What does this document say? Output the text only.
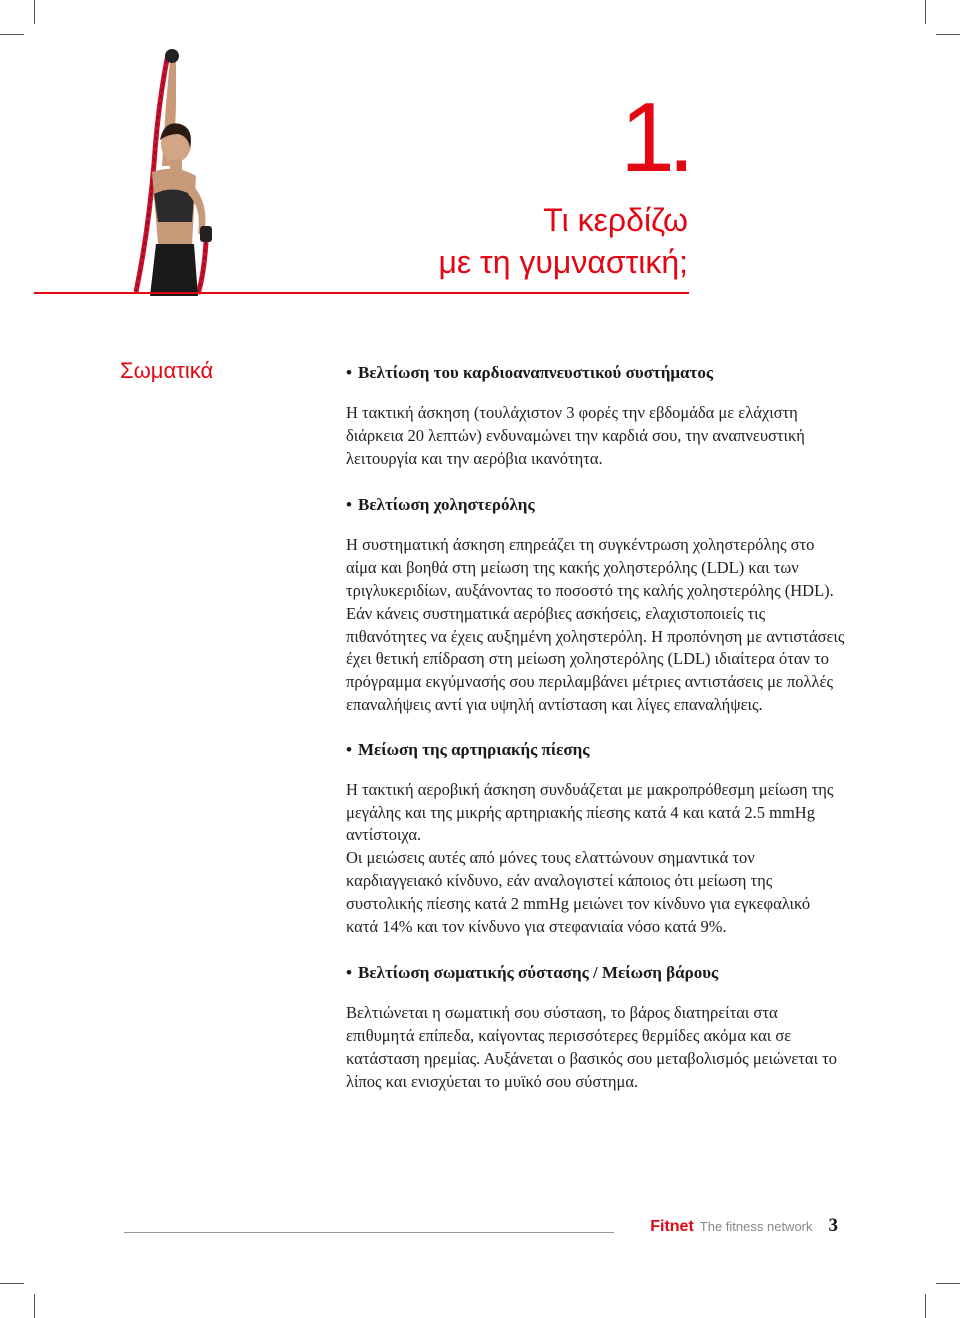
1.
Τι κερδίζω
με τη γυμναστική;
Σωματικά	• Βελτίωση του καρδιοαναπνευστικού συστήματος

Η τακτική άσκηση (τουλάχιστον 3 φορές την εβδομάδα με ελάχιστη διάρκεια 20 λεπτών) ενδυναμώνει την καρδιά σου, την αναπνευστική λειτουργία και την αερόβια ικανότητα.

• Βελτίωση χοληστερόλης

Η συστηματική άσκηση επηρεάζει τη συγκέντρωση χοληστερόλης στο αίμα και βοηθά στη μείωση της κακής χοληστερόλης (LDL) και των τριγλυκεριδίων, αυξάνοντας το ποσοστό της καλής χοληστερόλης (HDL). Εάν κάνεις συστηματικά αερόβιες ασκήσεις, ελαχιστοποιείς τις πιθανότητες να έχεις αυξημένη χοληστερόλη. Η προπόνηση με αντιστάσεις έχει θετική επίδραση στη μείωση χοληστερόλης (LDL) ιδιαίτερα όταν το πρόγραμμα εκγύμνασής σου περιλαμβάνει μέτριες αντιστάσεις με πολλές επαναλήψεις αντί για υψηλή αντίσταση και λίγες επαναλήψεις.

• Μείωση της αρτηριακής πίεσης

Η τακτική αεροβική άσκηση συνδυάζεται με μακροπρόθεσμη μείωση της μεγάλης και της μικρής αρτηριακής πίεσης κατά 4 και κατά 2.5 mmHg αντίστοιχα.

Οι μειώσεις αυτές από μόνες τους ελαττώνουν σημαντικά τον καρδιαγγειακό κίνδυνο, εάν αναλογιστεί κάποιος ότι μείωση της συστολικής πίεσης κατά 2 mmHg μειώνει τον κίνδυνο για εγκεφαλικό κατά 14% και τον κίνδυνο για στεφανιαία νόσο κατά 9%.

• Βελτίωση σωματικής σύστασης / Μείωση βάρους

Βελτιώνεται η σωματική σου σύσταση, το βάρος διατηρείται στα επιθυμητά επίπεδα, καίγοντας περισσότερες θερμίδες ακόμα και σε κατάσταση ηρεμίας. Αυξάνεται ο βασικός σου μεταβολισμός μειώνεται το λίπος και ενισχύεται το μυϊκό σου σύστημα.

Fitnet The fitness network 3
